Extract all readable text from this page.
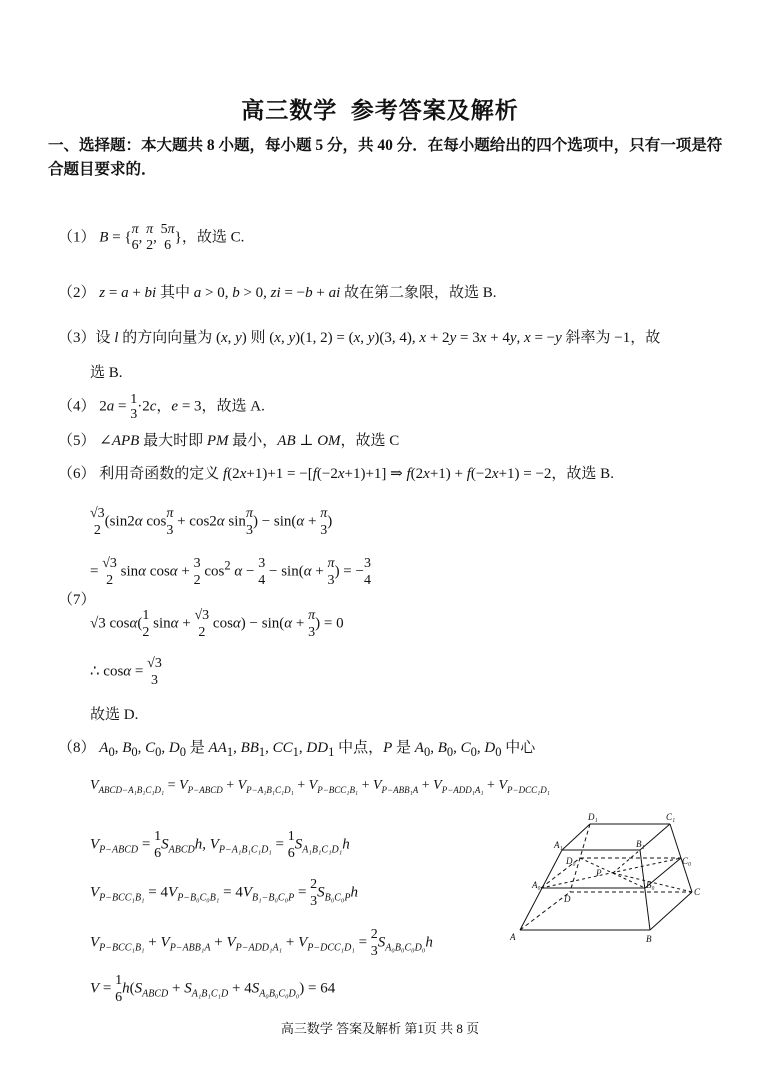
高三数学  参考答案及解析
一、选择题：本大题共 8 小题，每小题 5 分，共 40 分．在每小题给出的四个选项中，只有一项是符
合题目要求的．
（1） B = {π
6, π
2, 5π
6}，故选 C.
（2） z = a + bi 其中 a > 0, b > 0, zi = −b + ai 故在第二象限，故选 B.
（3）设 l 的方向向量为 (x, y) 则 (x, y)(1, 2) = (x, y)(3, 4), x + 2y = 3x + 4y, x = −y 斜率为 −1，故
选 B.
（4） 2a = 1
3·2c，e = 3，故选 A.
（5） ∠APB 最大时即 PM 最小，AB ⊥ OM，故选 C
（6） 利用奇函数的定义 f(2x+1)+1 = −[f(−2x+1)+1] ⇒ f(2x+1) + f(−2x+1) = −2，故选 B.
（7）
√3
2(sin2α cosπ
3 + cos2α sinπ
3) − sin(α + π
3)
= √3
2 sinα cosα + 3
2 $\cos^2 \alpha - 3$
4 − sin(α + π
3) = −3
4
√3 cosα(1
2 sinα + √3
2 cosα) − sin(α + π
3) = 0
∴ cosα = √3
3
故选 D.
（8） $A_0$, $B_0$, $C_0$, $D_0$ 是 $AA_1$, $BB_1$, $CC_1$, $DD_1$ 中点，P 是 $A_0$, $B_0$, $C_0$, $D_0$ 中心
$V_{ABCD-A_1B_1C_1D_1} = V_{P-ABCD} + V_{P-A_1B_1C_1D_1} + V_{P-BCC_1B_1} + V_{P-ABB_1A} + V_{P-ADD_1A_1} + V_{P-DCC_1D_1}$
$V_{P-ABCD} = 1$
$6S_{ABCD}h$, $V_{P-A_1B_1C_1D_1} = 1$
$6S_{A_1B_1C_1D_1}h$
$V_{P-BCC_1B_1} = 4V_{P-B_0C_0B_1} = 4V_{B_1-B_0C_0P} = 2$
$3S_{B_0C_0P}h$
$V_{P-BCC_1B_1} + V_{P-ABB_1A} + V_{P-ADD_1A_1} + V_{P-DCC_1D_1} = 2$
$3S_{A_0B_0C_0D_0}h$
V = 1
$6h(S_{ABCD} + S_{A_1B_1C_1D} + 4S_{A_0B_0C_0D_0}) = 64$
D₁	C₁
A₁	B₁
D₀	C₀
P
A₀	B₀
C
D
A	B
高三数学 答案及解析 第1页 共 8 页
